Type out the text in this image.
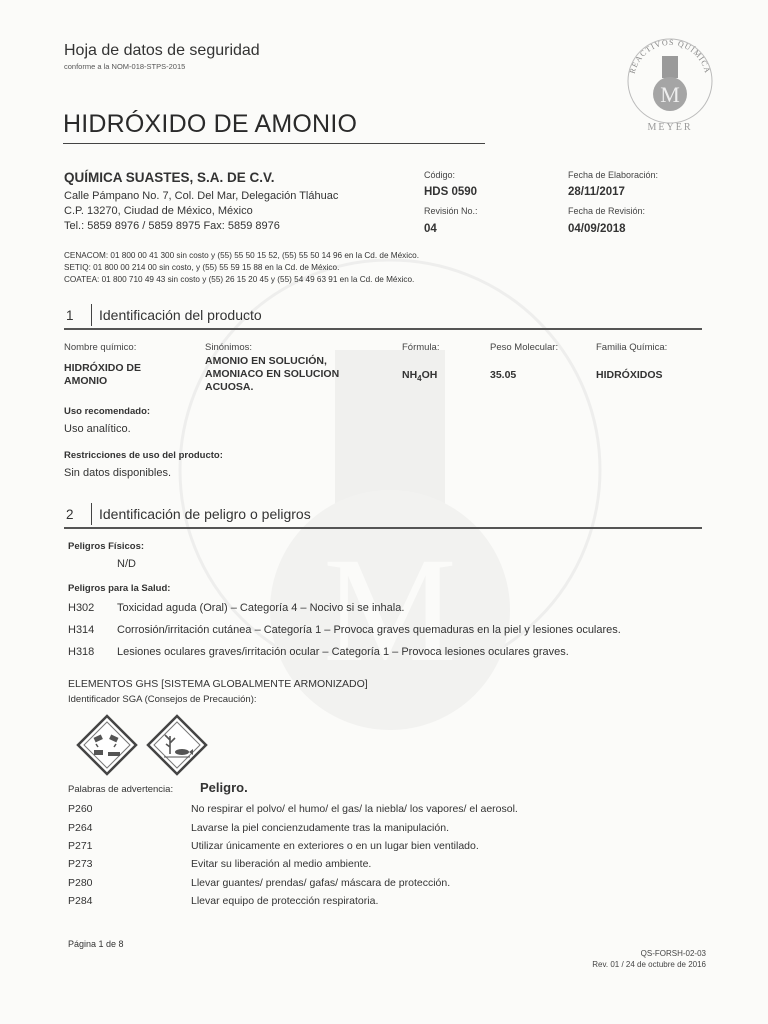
M
Hoja de datos de seguridad
conforme a la NOM-018-STPS-2015	REACTIVOS QUÍMICA
M
MEYER
HIDRÓXIDO DE AMONIO
QUÍMICA SUASTES, S.A. DE C.V.
Calle Pámpano No. 7, Col. Del Mar, Delegación Tláhuac
C.P. 13270, Ciudad de México, México
Tel.: 5859 8976 / 5859 8975 Fax: 5859 8976
Código:
HDS 0590
Revisión No.:
04
Fecha de Elaboración:
28/11/2017
Fecha de Revisión:
04/09/2018
CENACOM: 01 800 00 41 300 sin costo y (55) 55 50 15 52, (55) 55 50 14 96 en la Cd. de México.
SETIQ: 01 800 00 214 00 sin costo, y (55) 55 59 15 88 en la Cd. de México.
COATEA: 01 800 710 49 43 sin costo y (55) 26 15 20 45 y (55) 54 49 63 91 en la Cd. de México.
1 Identificación del producto
Nombre químico:
HIDRÓXIDO DE
AMONIO
Sinónimos:
AMONIO EN SOLUCIÓN,
AMONIACO EN SOLUCION
ACUOSA.
Fórmula:
$NH_4OH$
Peso Molecular:
35.05
Familia Química:
HIDRÓXIDOS
Uso recomendado:
Uso analítico.
Restricciones de uso del producto:
Sin datos disponibles.
2 Identificación de peligro o peligros
Peligros Físicos:
N/D
Peligros para la Salud:
H302 Toxicidad aguda (Oral) – Categoría 4 – Nocivo si se inhala.
H314 Corrosión/irritación cutánea – Categoría 1 – Provoca graves quemaduras en la piel y lesiones oculares.
H318 Lesiones oculares graves/irritación ocular – Categoría 1 – Provoca lesiones oculares graves.
ELEMENTOS GHS [SISTEMA GLOBALMENTE ARMONIZADO]
Identificador SGA (Consejos de Precaución):
Palabras de advertencia: Peligro.
P260	No respirar el polvo/ el humo/ el gas/ la niebla/ los vapores/ el aerosol.
P264	Lavarse la piel concienzudamente tras la manipulación.
P271	Utilizar únicamente en exteriores o en un lugar bien ventilado.
P273	Evitar su liberación al medio ambiente.
P280	Llevar guantes/ prendas/ gafas/ máscara de protección.
P284	Llevar equipo de protección respiratoria.
Página 1 de 8
QS-FORSH-02-03
Rev. 01 / 24 de octubre de 2016
